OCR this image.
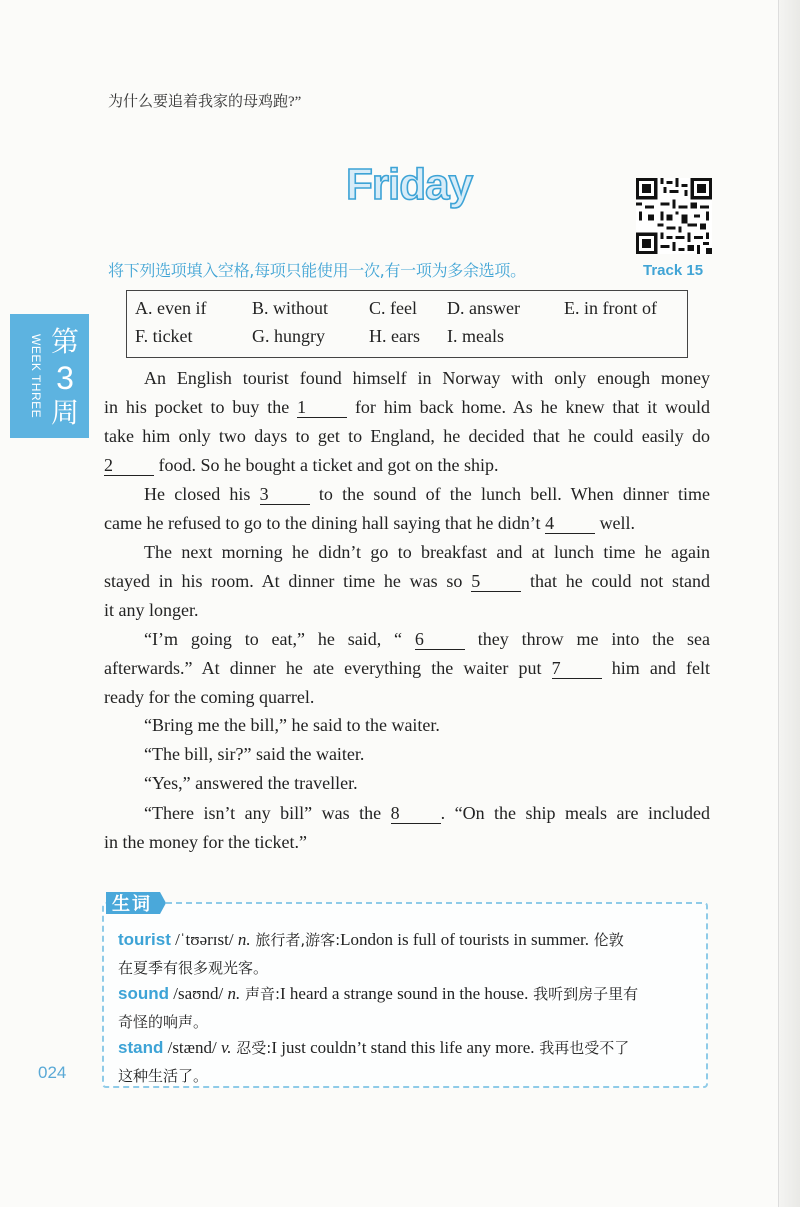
为什么要追着我家的母鸡跑?”
Friday
将下列选项填入空格,每项只能使用一次,有一项为多余选项。	Track 15
A. even if	B. without C. feel D. answer E. in front of
F. ticket	G. hungry H. ears I. meals
第
3
周
WEEK THREE	An English tourist found himself in Norway with only enough money
in his pocket to buy the 1	for him back home. As he knew that it would
take him only two days to get to England, he decided that he could easily do
2	food. So he bought a ticket and got on the ship.
He closed his 3	to the sound of the lunch bell. When dinner time
came he refused to go to the dining hall saying that he didn’t 4	well.
The next morning he didn’t go to breakfast and at lunch time he again
stayed in his room. At dinner time he was so 5	that he could not stand
it any longer.
“I’m going to eat,” he said, “ 6	they throw me into the sea
afterwards.” At dinner he ate everything the waiter put 7	him and felt
ready for the coming quarrel.
“Bring me the bill,” he said to the waiter.
“The bill, sir?” said the waiter.
“Yes,” answered the traveller.
“There isn’t any bill” was the 8 . “On the ship meals are included
in the money for the ticket.”
生词
tourist /ˈtʊərɪst/ n. 旅行者,游客:London is full of tourists in summer. 伦敦
在夏季有很多观光客。
sound /saʊnd/ n. 声音:I heard a strange sound in the house. 我听到房子里有
奇怪的响声。
stand /stænd/ v. 忍受:I just couldn’t stand this life any more. 我再也受不了
这种生活了。
024
